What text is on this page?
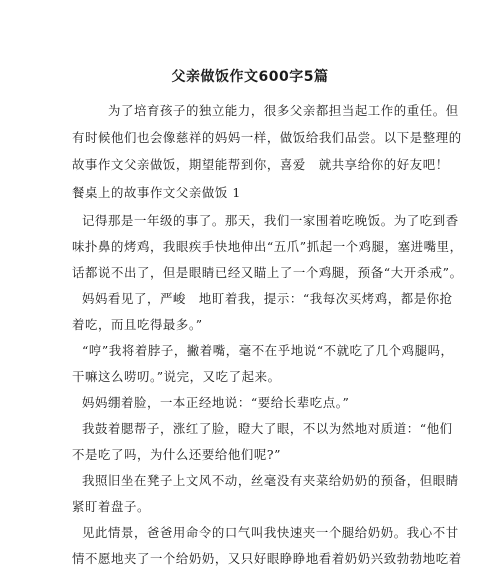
父亲做饭作文600字5篇
为了培育孩子的独立能力，很多父亲都担当起工作的重任。但
有时候他们也会像慈祥的妈妈一样，做饭给我们品尝。以下是整理的
故事作文父亲做饭，期望能帮到你，喜爱　就共享给你的好友吧！
餐桌上的故事作文父亲做饭 1
记得那是一年级的事了。那天，我们一家围着吃晚饭。为了吃到香
味扑鼻的烤鸡，我眼疾手快地伸出“五爪”抓起一个鸡腿，塞进嘴里，
话都说不出了，但是眼睛已经又瞄上了一个鸡腿，预备“大开杀戒”。
妈妈看见了，严峻　地盯着我，提示：“我每次买烤鸡，都是你抢
着吃，而且吃得最多。”
“哼”我将着脖子，撇着嘴，毫不在乎地说“不就吃了几个鸡腿吗，
干嘛这么唠叨。”说完，又吃了起来。
妈妈绷着脸，一本正经地说：“要给长辈吃点。”
我鼓着腮帮子，涨红了脸，瞪大了眼，不以为然地对质道：“他们
不是吃了吗，为什么还要给他们呢?”
我照旧坐在凳子上文风不动，丝毫没有夹菜给奶奶的预备，但眼睛
紧盯着盘子。
见此情景，爸爸用命令的口气叫我快速夹一个腿给奶奶。我心不甘
情不愿地夹了一个给奶奶，又只好眼睁睁地看着奶奶兴致勃勃地吃着
